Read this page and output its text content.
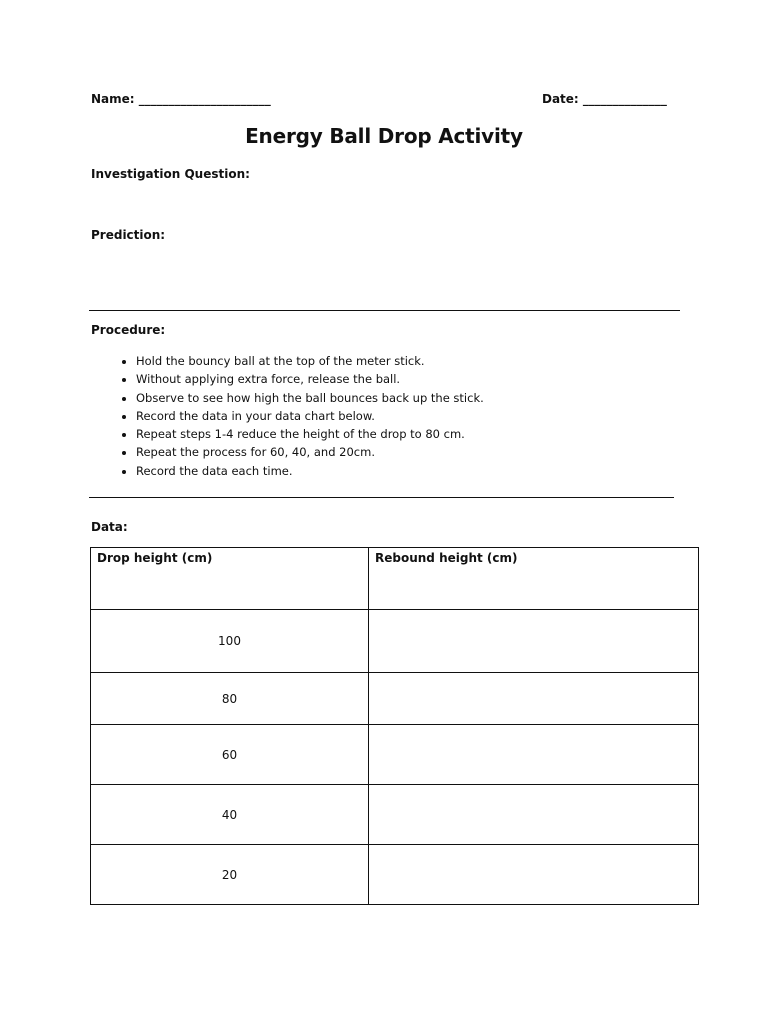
Name: ______________________	Date: ______________
Energy Ball Drop Activity
Investigation Question:
Prediction:
Procedure:
• Hold the bouncy ball at the top of the meter stick.
• Without applying extra force, release the ball.
• Observe to see how high the ball bounces back up the stick.
• Record the data in your data chart below.
• Repeat steps 1-4 reduce the height of the drop to 80 cm.
• Repeat the process for 60, 40, and 20cm.
• Record the data each time.
Data:
Drop height (cm)	Rebound height (cm)
100	
80	
60	
40	
20	
